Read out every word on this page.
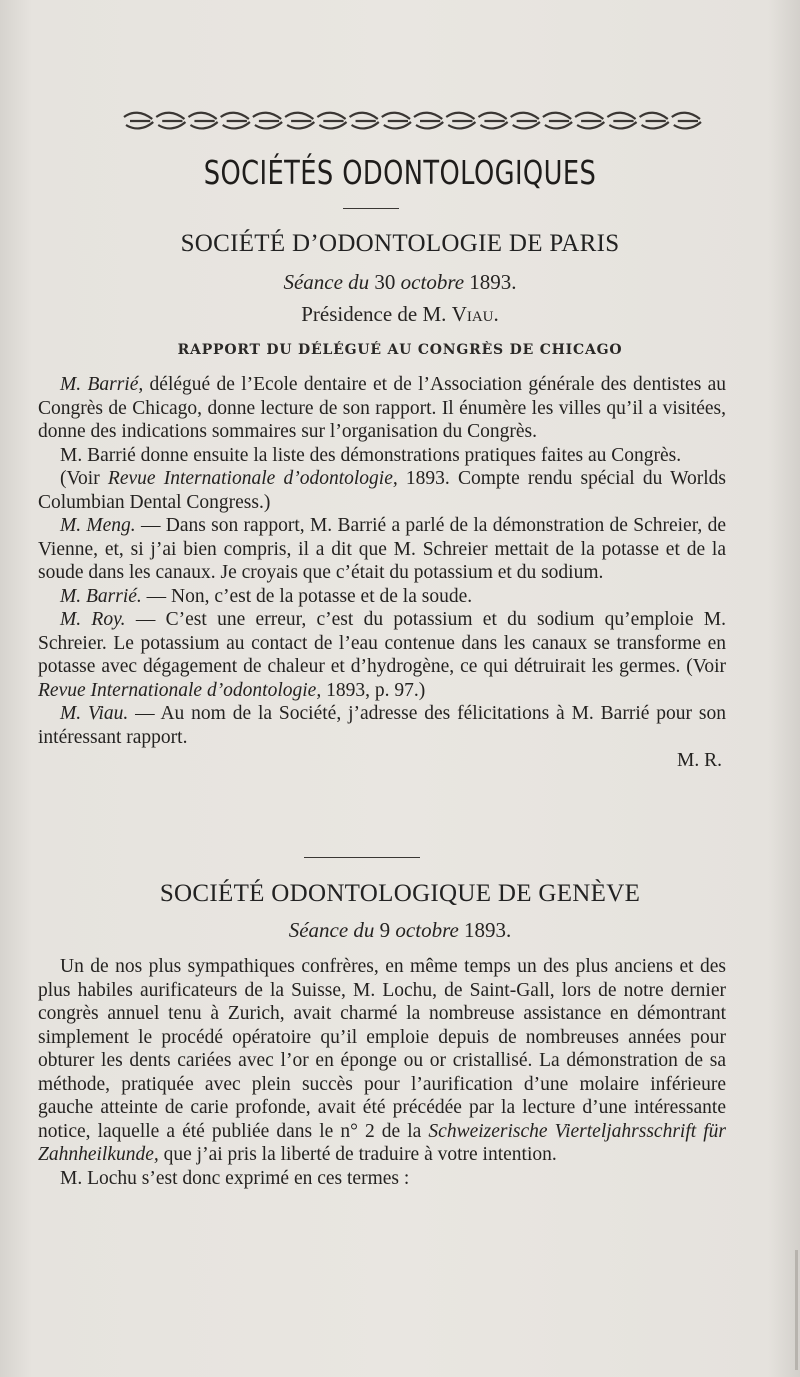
SOCIÉTÉS ODONTOLOGIQUES
SOCIÉTÉ D’ODONTOLOGIE DE PARIS
Séance du 30 octobre 1893.
Présidence de M. Viau.
RAPPORT DU DÉLÉGUÉ AU CONGRÈS DE CHICAGO

M. Barrié, délégué de l’Ecole dentaire et de l’Association générale des dentistes au Congrès de Chicago, donne lecture de son rapport. Il énumère les villes qu’il a visitées, donne des indications sommaires sur l’organisation du Congrès.

M. Barrié donne ensuite la liste des démonstrations pratiques faites au Congrès.

(Voir Revue Internationale d’odontologie, 1893. Compte rendu spécial du Worlds Columbian Dental Congress.)

M. Meng. — Dans son rapport, M. Barrié a parlé de la démonstration de Schreier, de Vienne, et, si j’ai bien compris, il a dit que M. Schreier mettait de la potasse et de la soude dans les canaux. Je croyais que c’était du potassium et du sodium.

M. Barrié. — Non, c’est de la potasse et de la soude.

M. Roy. — C’est une erreur, c’est du potassium et du sodium qu’emploie M. Schreier. Le potassium au contact de l’eau contenue dans les canaux se transforme en potasse avec dégagement de chaleur et d’hydrogène, ce qui détruirait les germes. (Voir Revue Internationale d’odontologie, 1893, p. 97.)

M. Viau. — Au nom de la Société, j’adresse des félicitations à M. Barrié pour son intéressant rapport.

M. R.

SOCIÉTÉ ODONTOLOGIQUE DE GENÈVE
Séance du 9 octobre 1893.

Un de nos plus sympathiques confrères, en même temps un des plus anciens et des plus habiles aurificateurs de la Suisse, M. Lochu, de Saint-Gall, lors de notre dernier congrès annuel tenu à Zurich, avait charmé la nombreuse assistance en démontrant simplement le procédé opératoire qu’il emploie depuis de nombreuses années pour obturer les dents cariées avec l’or en éponge ou or cristallisé. La démonstration de sa méthode, pratiquée avec plein succès pour l’aurification d’une molaire inférieure gauche atteinte de carie profonde, avait été précédée par la lecture d’une intéressante notice, laquelle a été publiée dans le n° 2 de la Schweizerische Vierteljahrsschrift für Zahnheilkunde, que j’ai pris la liberté de traduire à votre intention.

M. Lochu s’est donc exprimé en ces termes :
